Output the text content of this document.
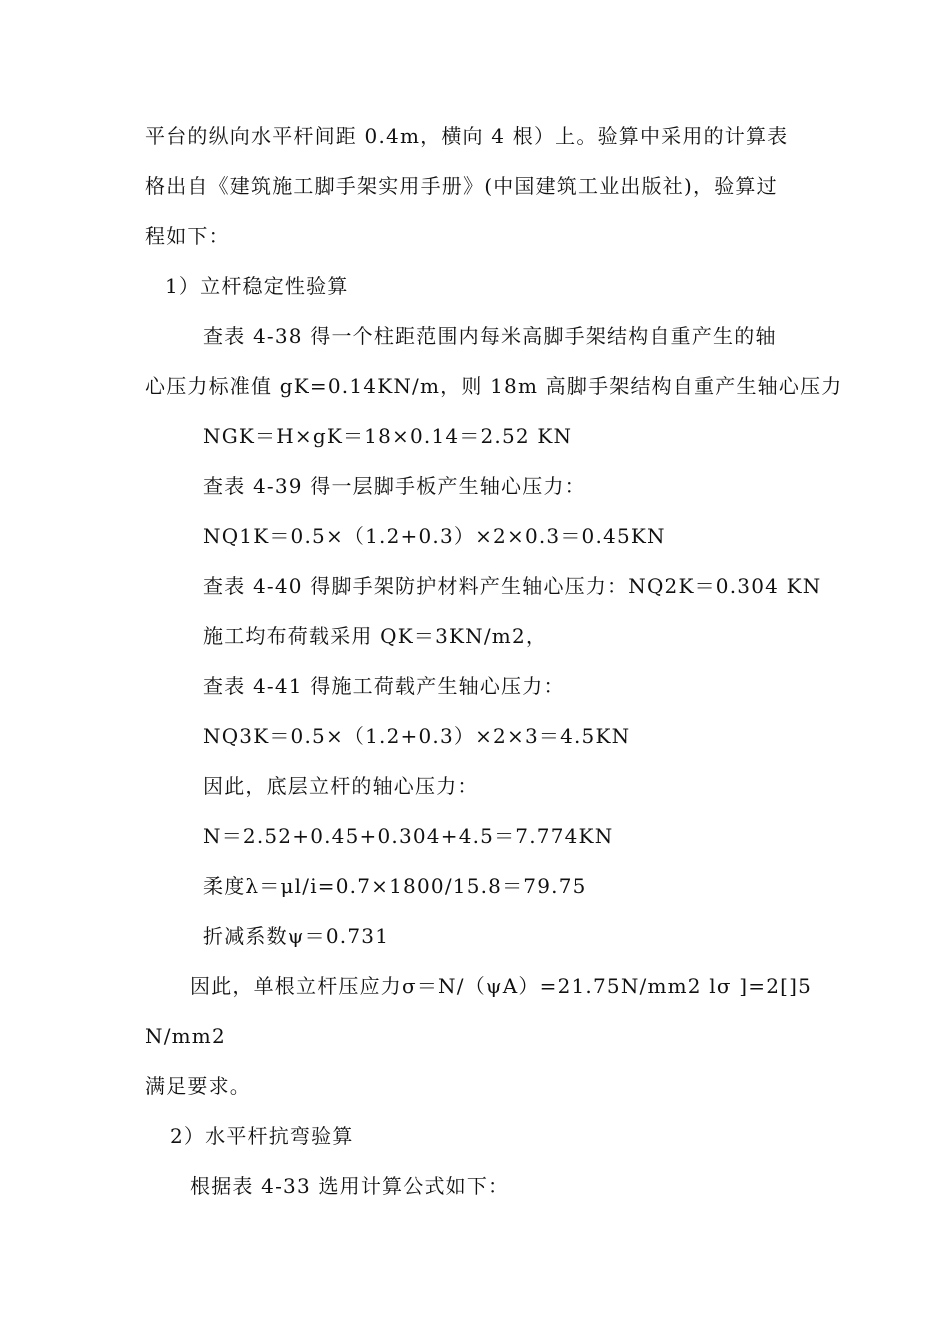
平台的纵向水平杆间距 0.4m，横向 4 根）上。验算中采用的计算表
格出自《建筑施工脚手架实用手册》(中国建筑工业出版社)，验算过
程如下：
1）立杆稳定性验算
查表 4-38 得一个柱距范围内每米高脚手架结构自重产生的轴
心压力标准值 gK=0.14KN/m，则 18m 高脚手架结构自重产生轴心压力
NGK＝H×gK＝18×0.14＝2.52 KN
查表 4-39 得一层脚手板产生轴心压力：
NQ1K＝0.5×（1.2+0.3）×2×0.3＝0.45KN
查表 4-40 得脚手架防护材料产生轴心压力：NQ2K＝0.304 KN
施工均布荷载采用 QK＝3KN/m2，
查表 4-41 得施工荷载产生轴心压力：
NQ3K＝0.5×（1.2+0.3）×2×3＝4.5KN
因此，底层立杆的轴心压力：
N＝2.52+0.45+0.304+4.5＝7.774KN
柔度λ＝μl/i=0.7×1800/15.8＝79.75
折减系数ψ＝0.731
因此，单根立杆压应力σ＝N/（ψA）=21.75N/mm2 lσ ]=2[]5
N/mm2
满足要求。
2）水平杆抗弯验算
根据表 4-33 选用计算公式如下：
